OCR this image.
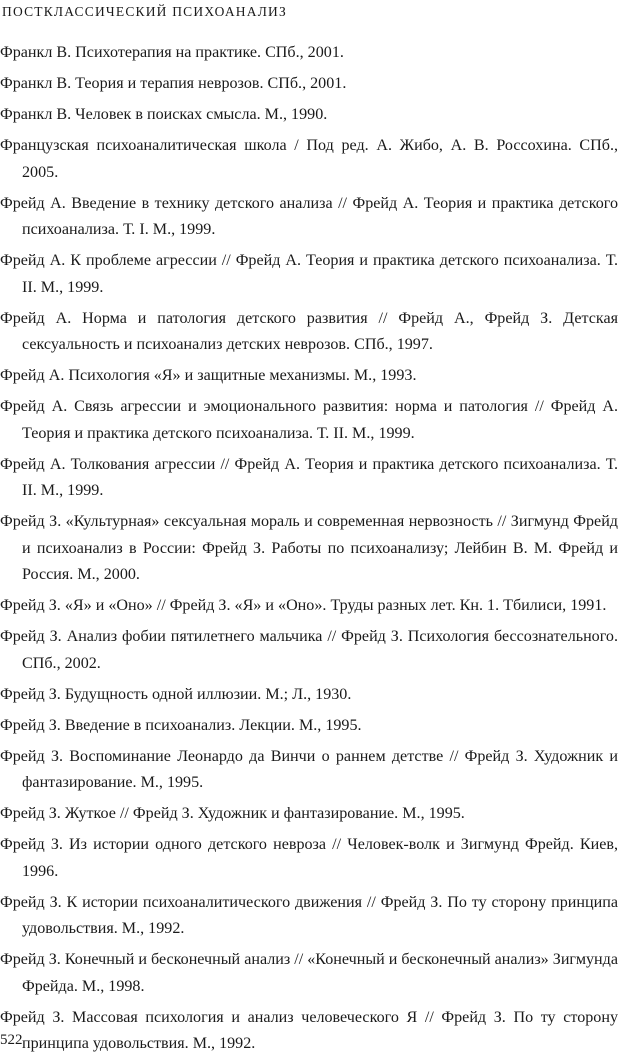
ПОСТКЛАССИЧЕСКИЙ ПСИХОАНАЛИЗ
Франкл В. Психотерапия на практике. СПб., 2001.
Франкл В. Теория и терапия неврозов. СПб., 2001.
Франкл В. Человек в поисках смысла. М., 1990.
Французская психоаналитическая школа / Под ред. А. Жибо, А. В. Россохина. СПб., 2005.
Фрейд А. Введение в технику детского анализа // Фрейд А. Теория и практика детского психоанализа. Т. I. М., 1999.
Фрейд А. К проблеме агрессии // Фрейд А. Теория и практика детского психоанализа. Т. II. М., 1999.
Фрейд А. Норма и патология детского развития // Фрейд А., Фрейд З. Детская сексуальность и психоанализ детских неврозов. СПб., 1997.
Фрейд А. Психология «Я» и защитные механизмы. М., 1993.
Фрейд А. Связь агрессии и эмоционального развития: норма и патология // Фрейд А. Теория и практика детского психоанализа. Т. II. М., 1999.
Фрейд А. Толкования агрессии // Фрейд А. Теория и практика детского психоанализа. Т. II. М., 1999.
Фрейд З. «Культурная» сексуальная мораль и современная нервозность // Зигмунд Фрейд и психоанализ в России: Фрейд З. Работы по психоанализу; Лейбин В. М. Фрейд и Россия. М., 2000.
Фрейд З. «Я» и «Оно» // Фрейд З. «Я» и «Оно». Труды разных лет. Кн. 1. Тбилиси, 1991.
Фрейд З. Анализ фобии пятилетнего мальчика // Фрейд З. Психология бессознательного. СПб., 2002.
Фрейд З. Будущность одной иллюзии. М.; Л., 1930.
Фрейд З. Введение в психоанализ. Лекции. М., 1995.
Фрейд З. Воспоминание Леонардо да Винчи о раннем детстве // Фрейд З. Художник и фантазирование. М., 1995.
Фрейд З. Жуткое // Фрейд З. Художник и фантазирование. М., 1995.
Фрейд З. Из истории одного детского невроза // Человек-волк и Зигмунд Фрейд. Киев, 1996.
Фрейд З. К истории психоаналитического движения // Фрейд З. По ту сторону принципа удовольствия. М., 1992.
Фрейд З. Конечный и бесконечный анализ // «Конечный и бесконечный анализ» Зигмунда Фрейда. М., 1998.
Фрейд З. Массовая психология и анализ человеческого Я // Фрейд З. По ту сторону принципа удовольствия. М., 1992.
522
